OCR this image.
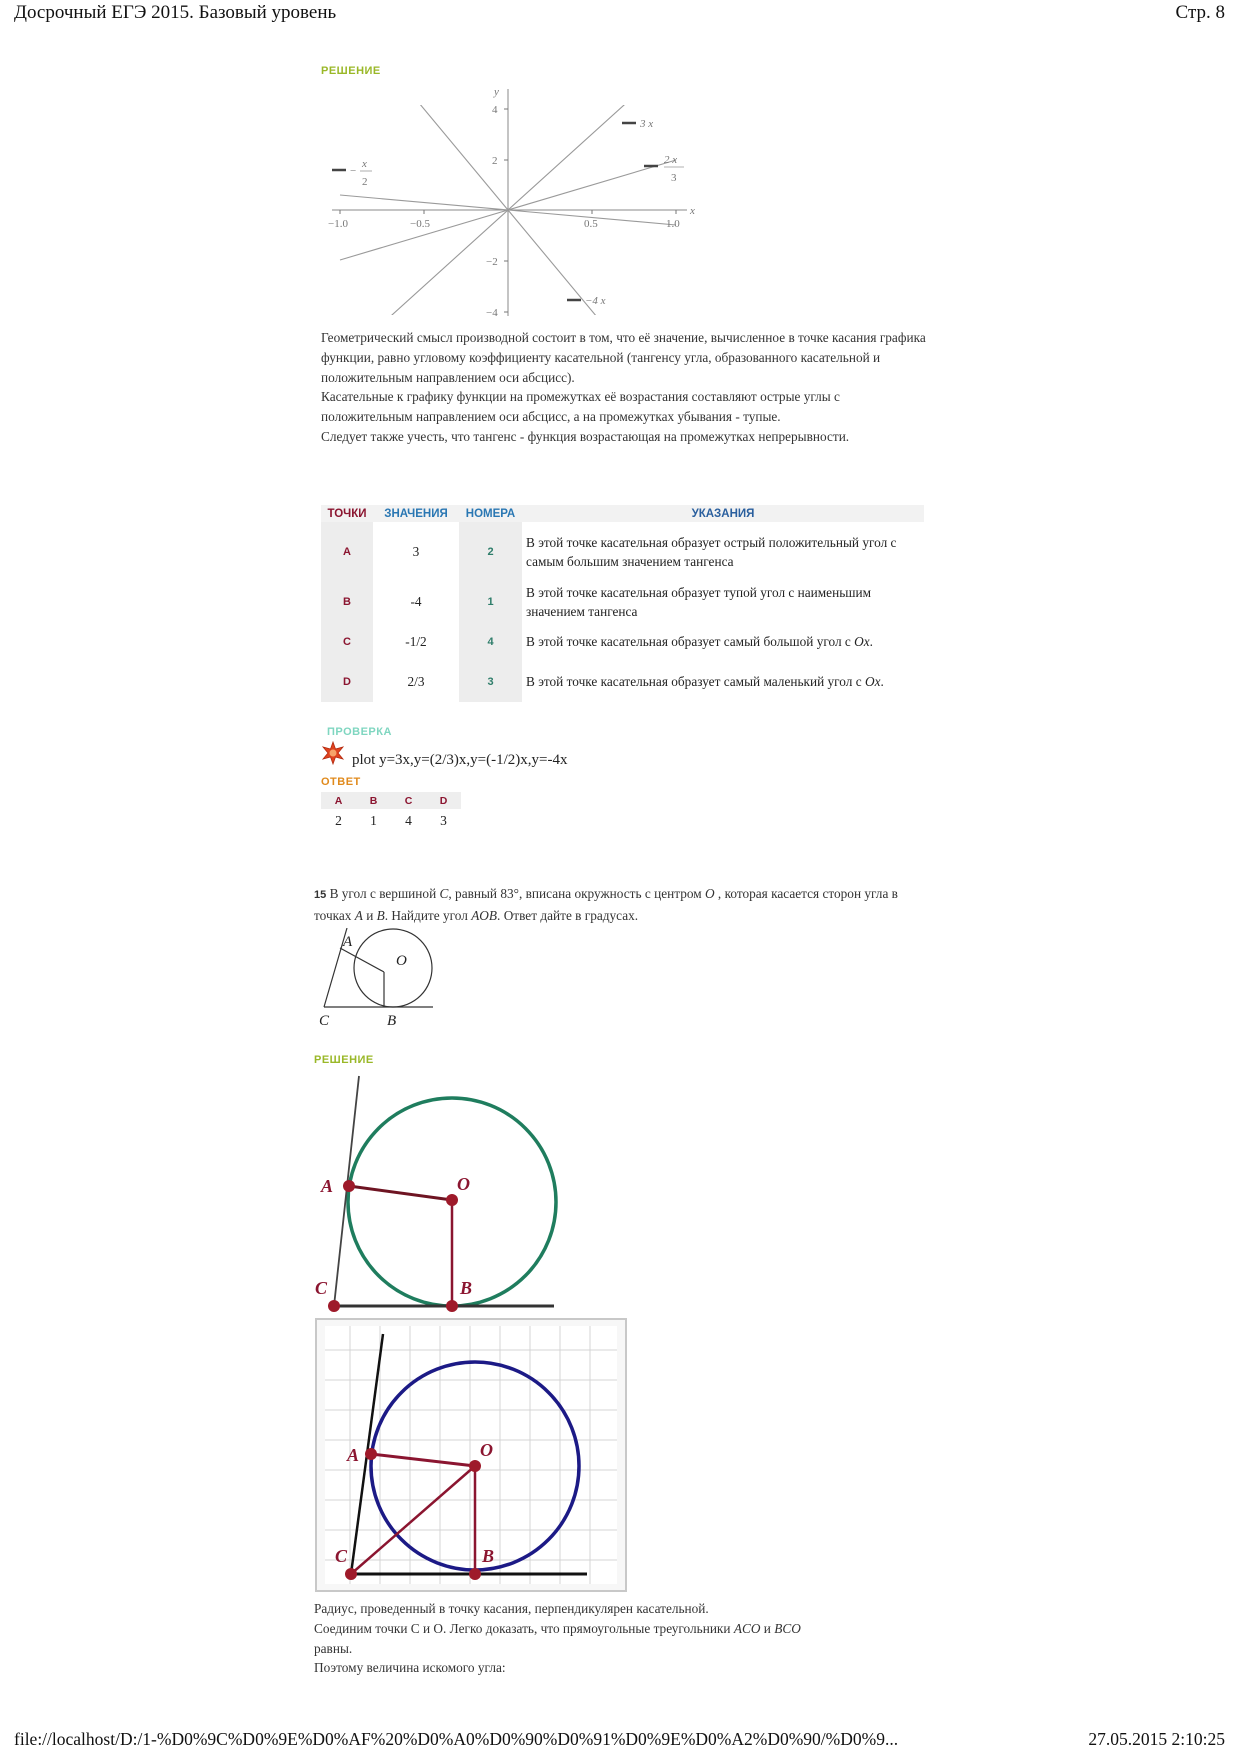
Досрочный ЕГЭ 2015. Базовый уровень	Стр. 8
РЕШЕНИЕ
y
x
4
2
−2
−4
−1.0	−0.5	0.5	1.0
3 x
2 x
3
−
x
2
−4 x
Геометрический смысл производной состоит в том, что её значение, вычисленное в точке касания графика функции, равно угловому коэффициенту касательной (тангенсу угла, образованного касательной и положительным направлением оси абсцисс).
Касательные к графику функции на промежутках её возрастания составляют острые углы с положительным направлением оси абсцисс, а на промежутках убывания - тупые.
Следует также учесть, что тангенс - функция возрастающая на промежутках непрерывности.
ТОЧКИ	ЗНАЧЕНИЯ	НОМЕРА	УКАЗАНИЯ
A	3	2	В этой точке касательная образует острый положительный угол с самым большим значением тангенса
B	-4	1	В этой точке касательная образует тупой угол с наименьшим значением тангенса
C	-1/2	4	В этой точке касательная образует самый большой угол с Ox.
D	2/3	3	В этой точке касательная образует самый маленький угол с Ox.
ПРОВЕРКА
plot y=3x,y=(2/3)x,y=(-1/2)x,y=-4x
ОТВЕТ
A	B	C	D
2	1	4	3
15 В угол с вершиной C, равный 83°, вписана окружность с центром O , которая касается сторон угла в точках A и B. Найдите угол AOB. Ответ дайте в градусах.
A
O
C	B
РЕШЕНИЕ
A	O
C	B
A	O
C	B
Радиус, проведенный в точку касания, перпендикулярен касательной.
Соединим точки С и О. Легко доказать, что прямоугольные треугольники ACO и BCO
равны.
Поэтому величина искомого угла:
file://localhost/D:/1-%D0%9C%D0%9E%D0%AF%20%D0%A0%D0%90%D0%91%D0%9E%D0%A2%D0%90/%D0%9...	27.05.2015 2:10:25
